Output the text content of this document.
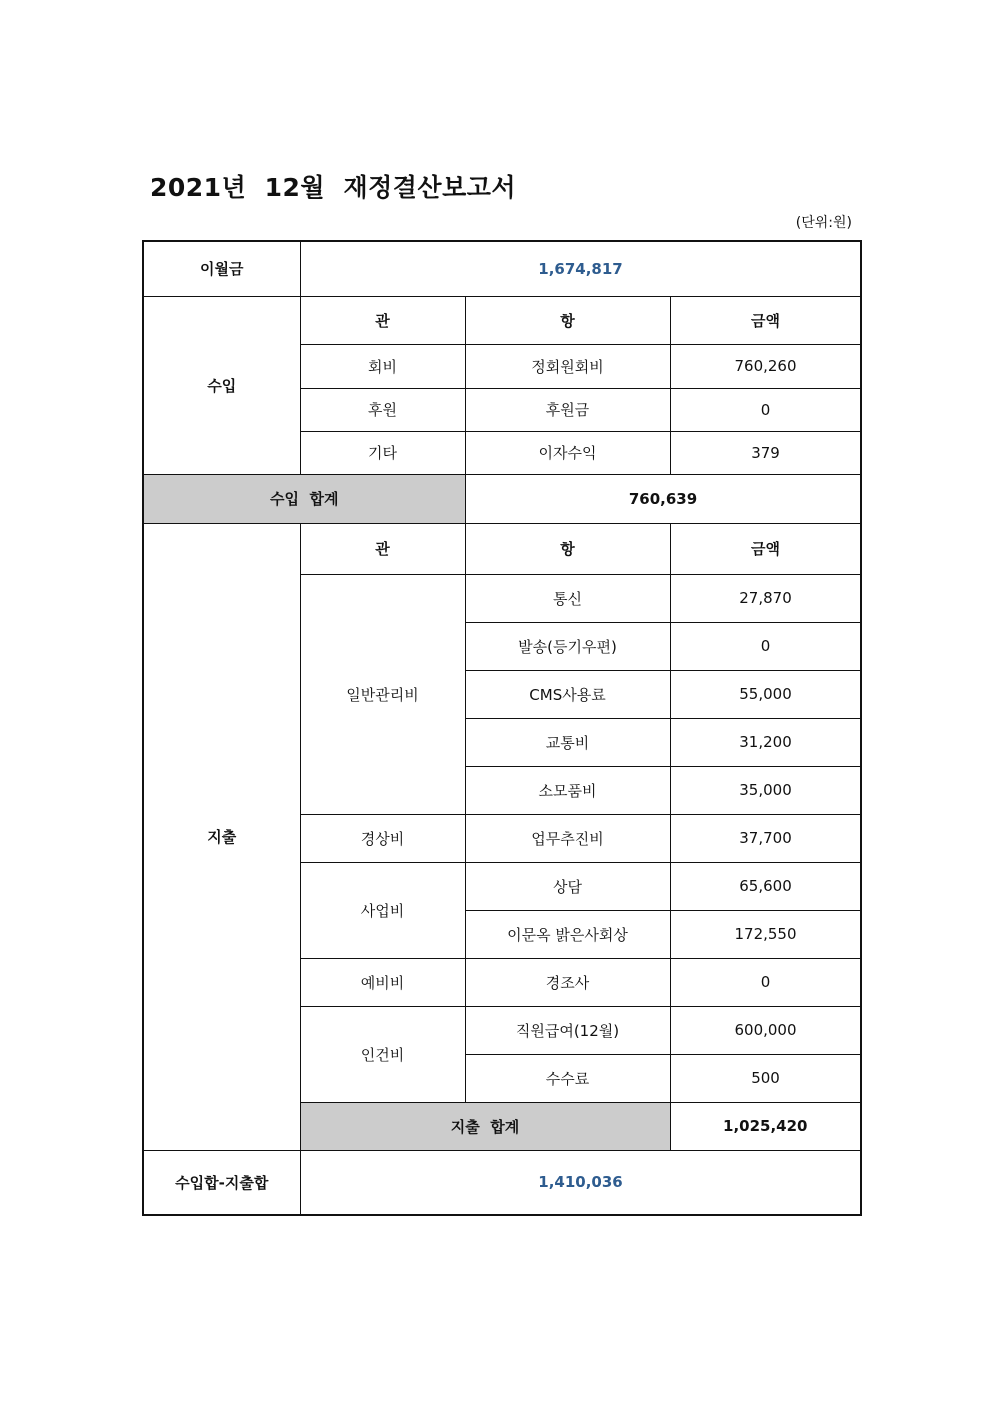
2021년  12월  재정결산보고서
(단위:원)
이월금	1,674,817		
수입	관	항	금액
	회비	정회원회비	760,260
	후원	후원금	0
	기타	이자수익	379
수입  합계		760,639	
지출	관	항	금액
	일반관리비	통신	27,870
		발송(등기우편)	0
		CMS사용료	55,000
		교통비	31,200
		소모품비	35,000
	경상비	업무추진비	37,700
	사업비	상담	65,600
		이문옥 밝은사회상	172,550
	예비비	경조사	0
	인건비	직원급여(12월)	600,000
		수수료	500
	지출  합계		1,025,420
수입합-지출합	1,410,036		
